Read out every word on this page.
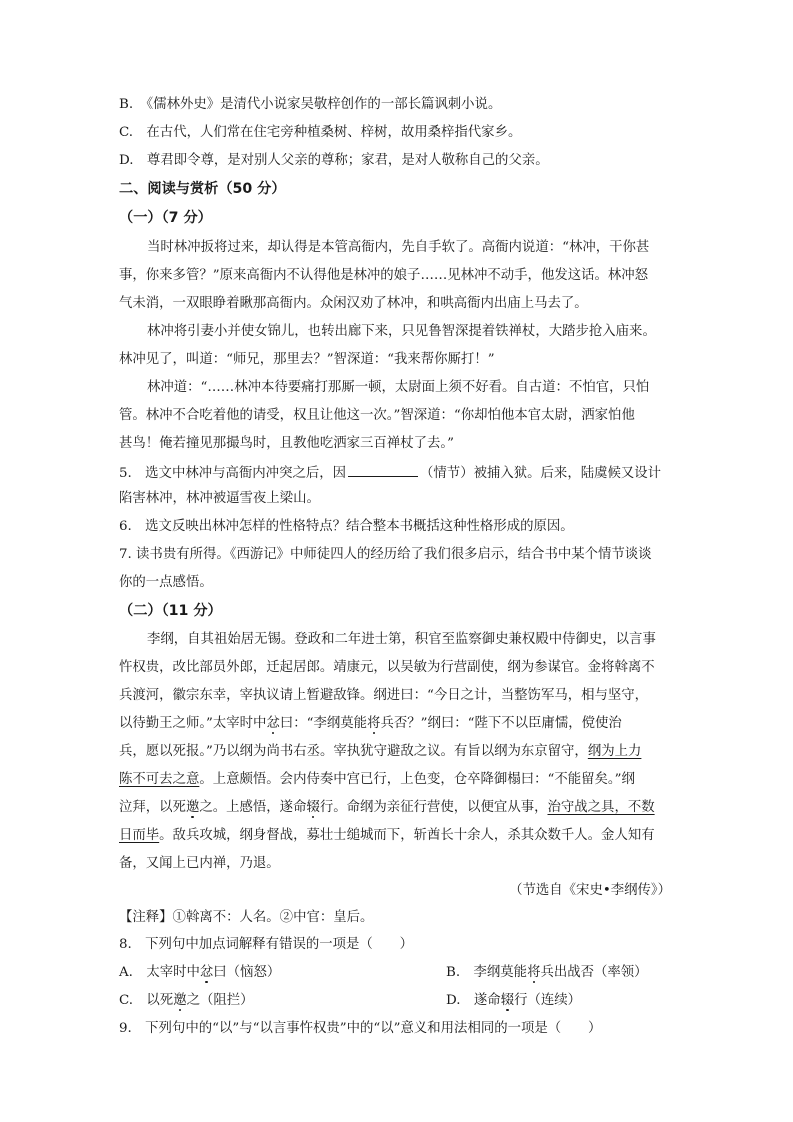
B.　《儒林外史》是清代小说家吴敬梓创作的一部长篇讽刺小说。
C.　在古代，人们常在住宅旁种植桑树、梓树，故用桑梓指代家乡。
D.　尊君即令尊，是对别人父亲的尊称；家君，是对人敬称自己的父亲。
二、阅读与赏析（50 分）
（一）（7 分）
当时林冲扳将过来，却认得是本管高衙内，先自手软了。高衙内说道：“林冲，干你甚
事，你来多管？”原来高衙内不认得他是林冲的娘子……见林冲不动手，他发这话。林冲怒
气未消，一双眼睁着瞅那高衙内。众闲汉劝了林冲，和哄高衙内出庙上马去了。
林冲将引妻小并使女锦儿，也转出廊下来，只见鲁智深提着铁禅杖，大踏步抢入庙来。
林冲见了，叫道：“师兄，那里去？”智深道：“我来帮你厮打！”
林冲道：“……林冲本待要痛打那厮一顿，太尉面上须不好看。自古道：不怕官，只怕
管。林冲不合吃着他的请受，权且让他这一次。”智深道：“你却怕他本官太尉，洒家怕他
甚鸟！俺若撞见那撮鸟时，且教他吃洒家三百禅杖了去。”
5.　选文中林冲与高衙内冲突之后，因	（情节）被捕入狱。后来，陆虞候又设计
陷害林冲，林冲被逼雪夜上梁山。
6.　选文反映出林冲怎样的性格特点？结合整本书概括这种性格形成的原因。
7. 读书贵有所得。《西游记》中师徒四人的经历给了我们很多启示，结合书中某个情节谈谈
你的一点感悟。
（二）（11 分）
李纲，自其祖始居无锡。登政和二年进士第，积官至监察御史兼权殿中侍御史，以言事
忤权贵，改比部员外郎，迁起居郎。靖康元，以吴敏为行营副使，纲为参谋官。金将斡离不
兵渡河，徽宗东幸，宰执议请上暂避敌锋。纲进曰：“今日之计，当整饬军马，相与坚守，
以待勤王之师。”太宰时中忿曰：“李纲莫能将兵否？”纲曰：“陛下不以臣庸懦，傥使治
兵，愿以死报。”乃以纲为尚书右丞。宰执犹守避敌之议。有旨以纲为东京留守，纲为上力
陈不可去之意。上意颇悟。会内侍奏中宫已行，上色变，仓卒降御榻曰：“不能留矣。”纲
泣拜，以死邀之。上感悟，遂命辍行。命纲为亲征行营使，以便宜从事，治守战之具，不数
日而毕。敌兵攻城，纲身督战，募壮士缒城而下，斩酋长十余人，杀其众数千人。金人知有
备，又闻上已内禅，乃退。
（节选自《宋史•李纲传》）
【注释】①斡离不：人名。②中官：皇后。
8.　下列句中加点词解释有错误的一项是（　　）
A.　太宰时中忿曰（恼怒）	B.　李纲莫能将兵出战否（率领）
C.　以死邀之（阻拦）	D.　遂命辍行（连续）
9.　下列句中的“以”与“以言事忤权贵”中的“以”意义和用法相同的一项是（　　）
